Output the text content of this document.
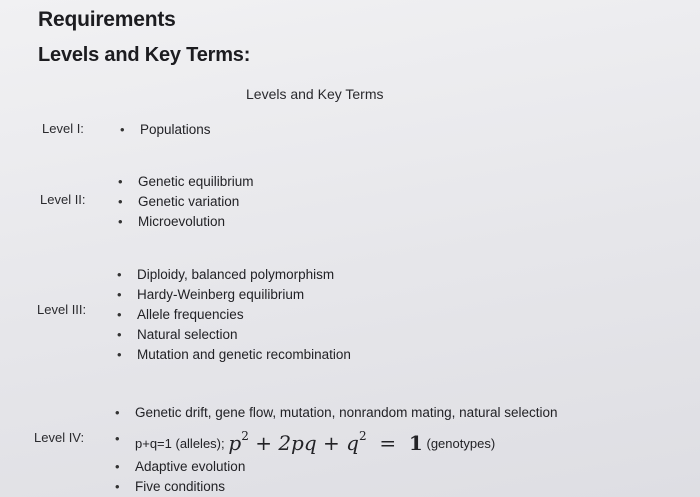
Requirements
Levels and Key Terms:
Levels and Key Terms
Level I:	• Populations
Level II:
• Genetic equilibrium
• Genetic variation
• Microevolution
Level III:
• Diploidy, balanced polymorphism
• Hardy-Weinberg equilibrium
• Allele frequencies
• Natural selection
• Mutation and genetic recombination
Level IV:
• Genetic drift, gene flow, mutation, nonrandom mating, natural selection
• p+q=1 (alleles); $p^2 + 2pq + q^2 = 1$ (genotypes)
• Adaptive evolution
• Five conditions
